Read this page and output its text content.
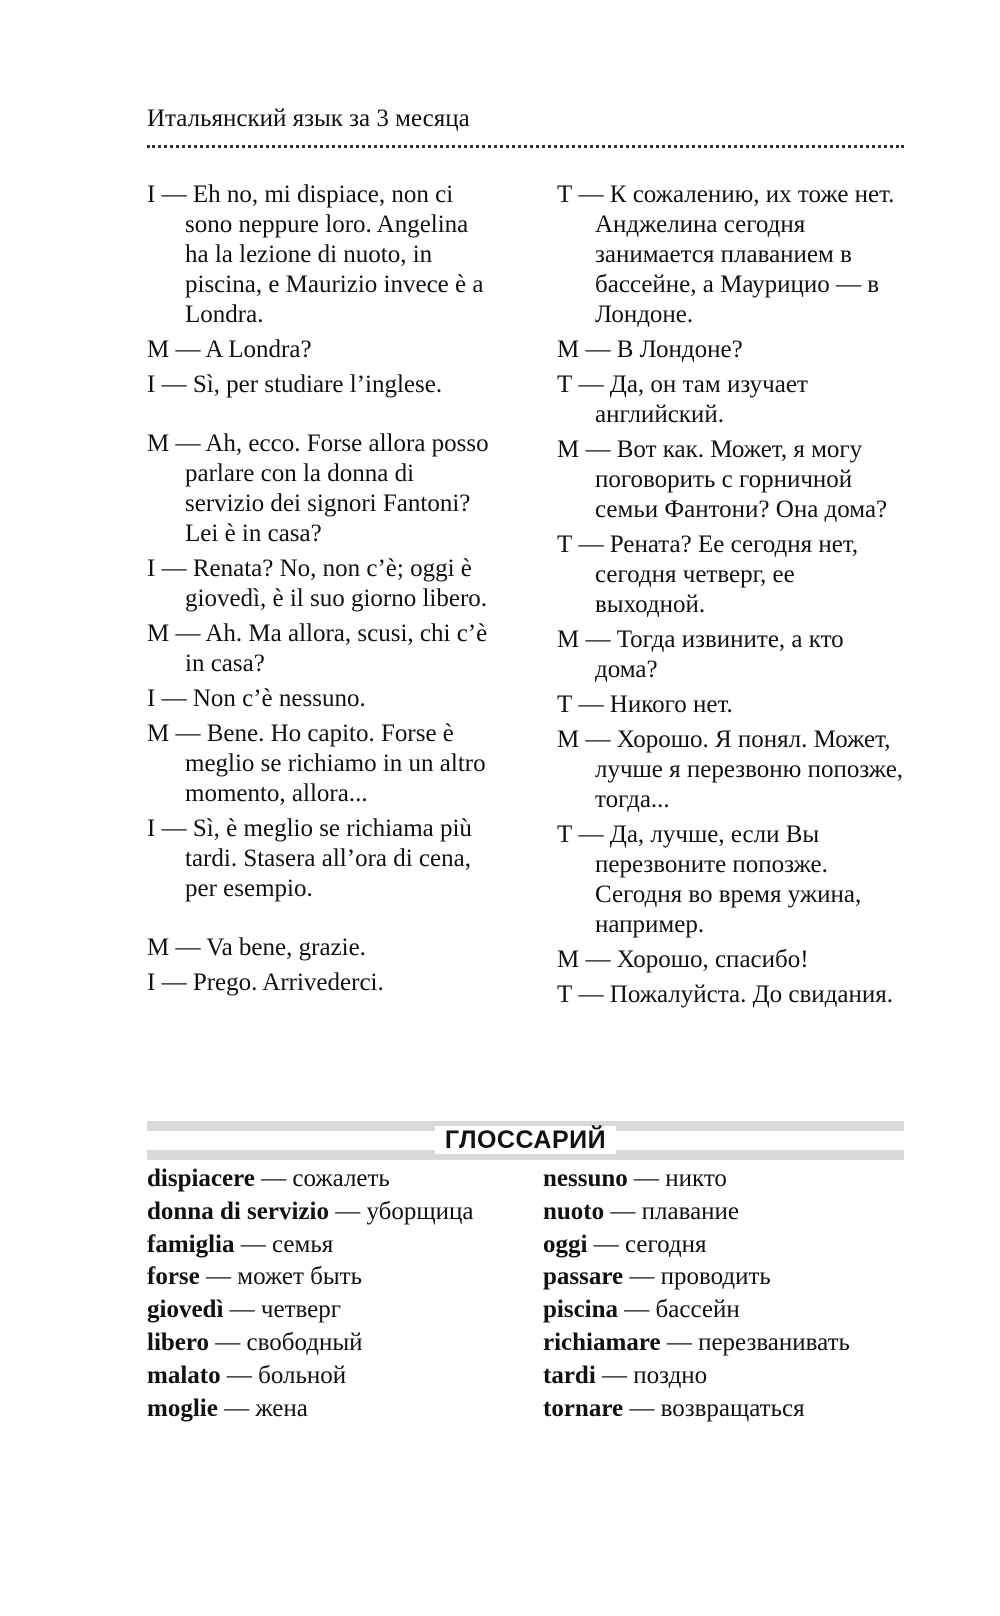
Итальянский язык за 3 месяца
I — Eh no, mi dispiace, non ci sono neppure loro. Angelina ha la lezione di nuoto, in piscina, e Maurizio invece è a Londra.
M — A Londra?
I — Sì, per studiare l’inglese.
M — Ah, ecco. Forse allora posso parlare con la donna di servizio dei signori Fantoni? Lei è in casa?
I — Renata? No, non c’è; oggi è giovedì, è il suo giorno libero.
M — Ah. Ma allora, scusi, chi c’è in casa?
I — Non c’è nessuno.
M — Bene. Ho capito. Forse è meglio se richiamo in un altro momento, allora...
I — Sì, è meglio se richiama più tardi. Stasera all’ora di cena, per esempio.
M — Va bene, grazie.
I — Prego. Arrivederci.
Т — К сожалению, их тоже нет. Анджелина сегодня занимается плаванием в бассейне, а Маурицио — в Лондоне.
М — В Лондоне?
Т — Да, он там изучает английский.
М — Вот как. Может, я могу поговорить с горничной семьи Фантони? Она дома?
Т — Рената? Ее сегодня нет, сегодня четверг, ее выходной.
М — Тогда извините, а кто дома?
Т — Никого нет.
М — Хорошо. Я понял. Может, лучше я перезвоню попозже, тогда...
Т — Да, лучше, если Вы перезвоните попозже. Сегодня во время ужина, например.
М — Хорошо, спасибо!
Т — Пожалуйста. До свидания.
ГЛОССАРИЙ
dispiacere — сожалеть
donna di servizio — уборщица
famiglia — семья
forse — может быть
giovedì — четверг
libero — свободный
malato — больной
moglie — жена
nessuno — никто
nuoto — плавание
oggi — сегодня
passare — проводить
piscina — бассейн
richiamare — перезванивать
tardi — поздно
tornare — возвращаться
